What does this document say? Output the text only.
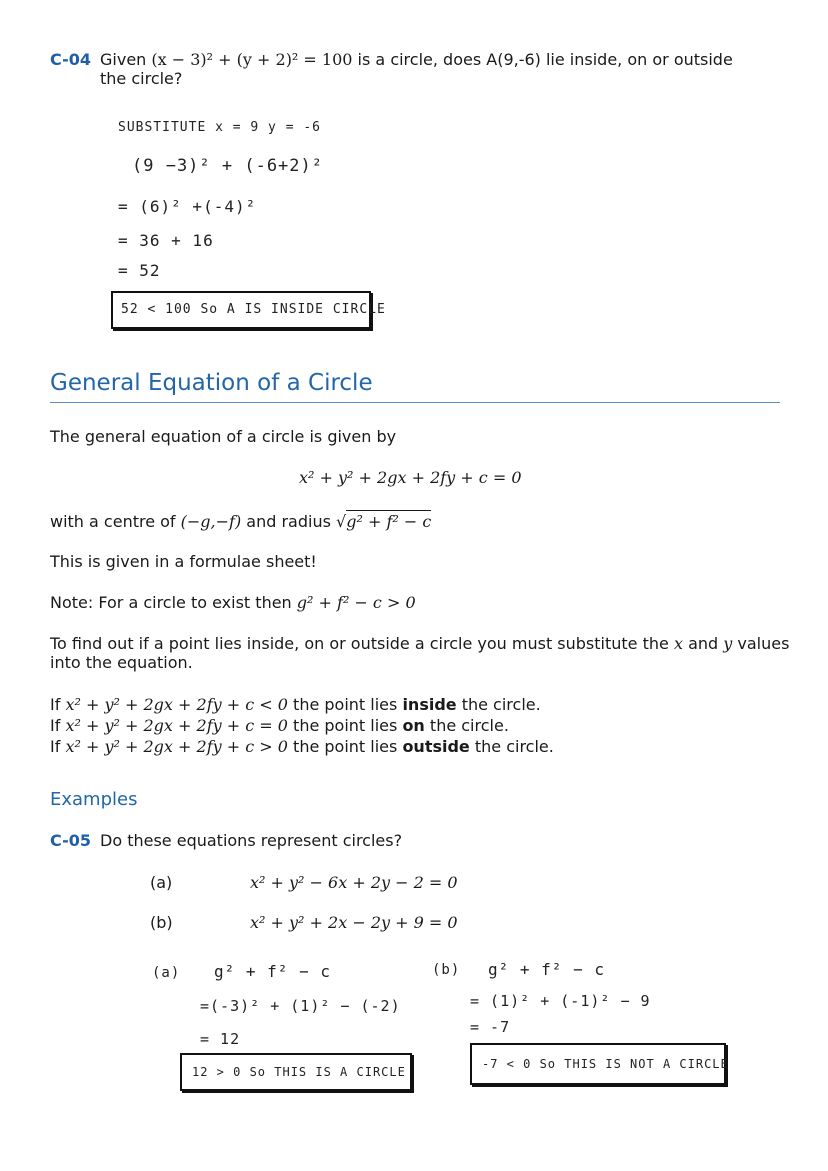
C-04 Given (x − 3)² + (y + 2)² = 100 is a circle, does A(9,-6) lie inside, on or outside
the circle?
SUBSTITUTE x = 9 y = -6
(9 −3)² + (-6+2)²
= (6)² +(-4)²
= 36 + 16
= 52
52 < 100 So A IS INSIDE CIRCLE
General Equation of a Circle
The general equation of a circle is given by
x² + y² + 2gx + 2fy + c = 0
with a centre of (−g,−f) and radius √g² + f² − c
This is given in a formulae sheet!
Note: For a circle to exist then g² + f² − c > 0
To find out if a point lies inside, on or outside a circle you must substitute the x and y values
into the equation.
If x² + y² + 2gx + 2fy + c < 0 the point lies inside the circle.
If x² + y² + 2gx + 2fy + c = 0 the point lies on the circle.
If x² + y² + 2gx + 2fy + c > 0 the point lies outside the circle.
Examples
C-05 Do these equations represent circles?
(a)	x² + y² − 6x + 2y − 2 = 0
(b)	x² + y² + 2x − 2y + 9 = 0
(a) g² + f² − c
=(-3)² + (1)² − (-2)
= 12
12 > 0 So THIS IS A CIRCLE
(b) g² + f² − c
= (1)² + (-1)² − 9
= -7
-7 < 0 So THIS IS NOT A CIRCLE
